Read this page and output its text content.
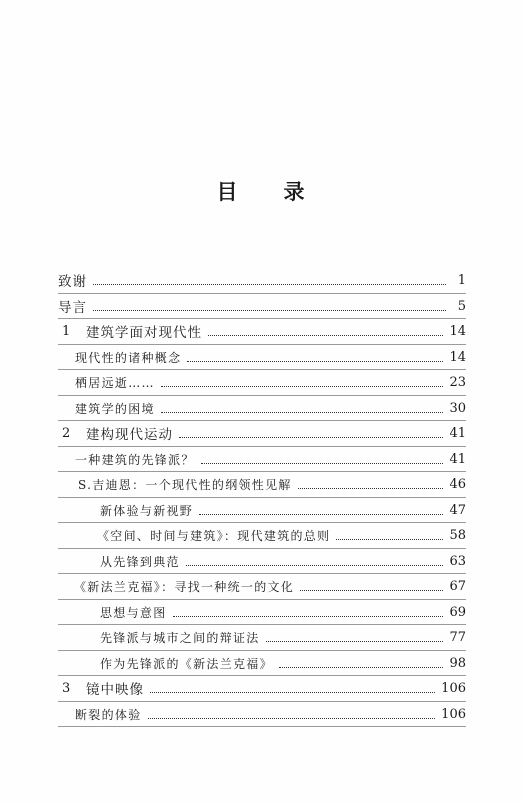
目 录
致谢	1
导言	5
1	建筑学面对现代性	14
现代性的诸种概念	14
栖居远逝……	23
建筑学的困境	30
2	建构现代运动	41
一种建筑的先锋派？	41
S.吉迪恩：一个现代性的纲领性见解	46
新体验与新视野	47
《空间、时间与建筑》：现代建筑的总则	58
从先锋到典范	63
《新法兰克福》：寻找一种统一的文化	67
思想与意图	69
先锋派与城市之间的辩证法	77
作为先锋派的《新法兰克福》	98
3	镜中映像	106
断裂的体验	106
